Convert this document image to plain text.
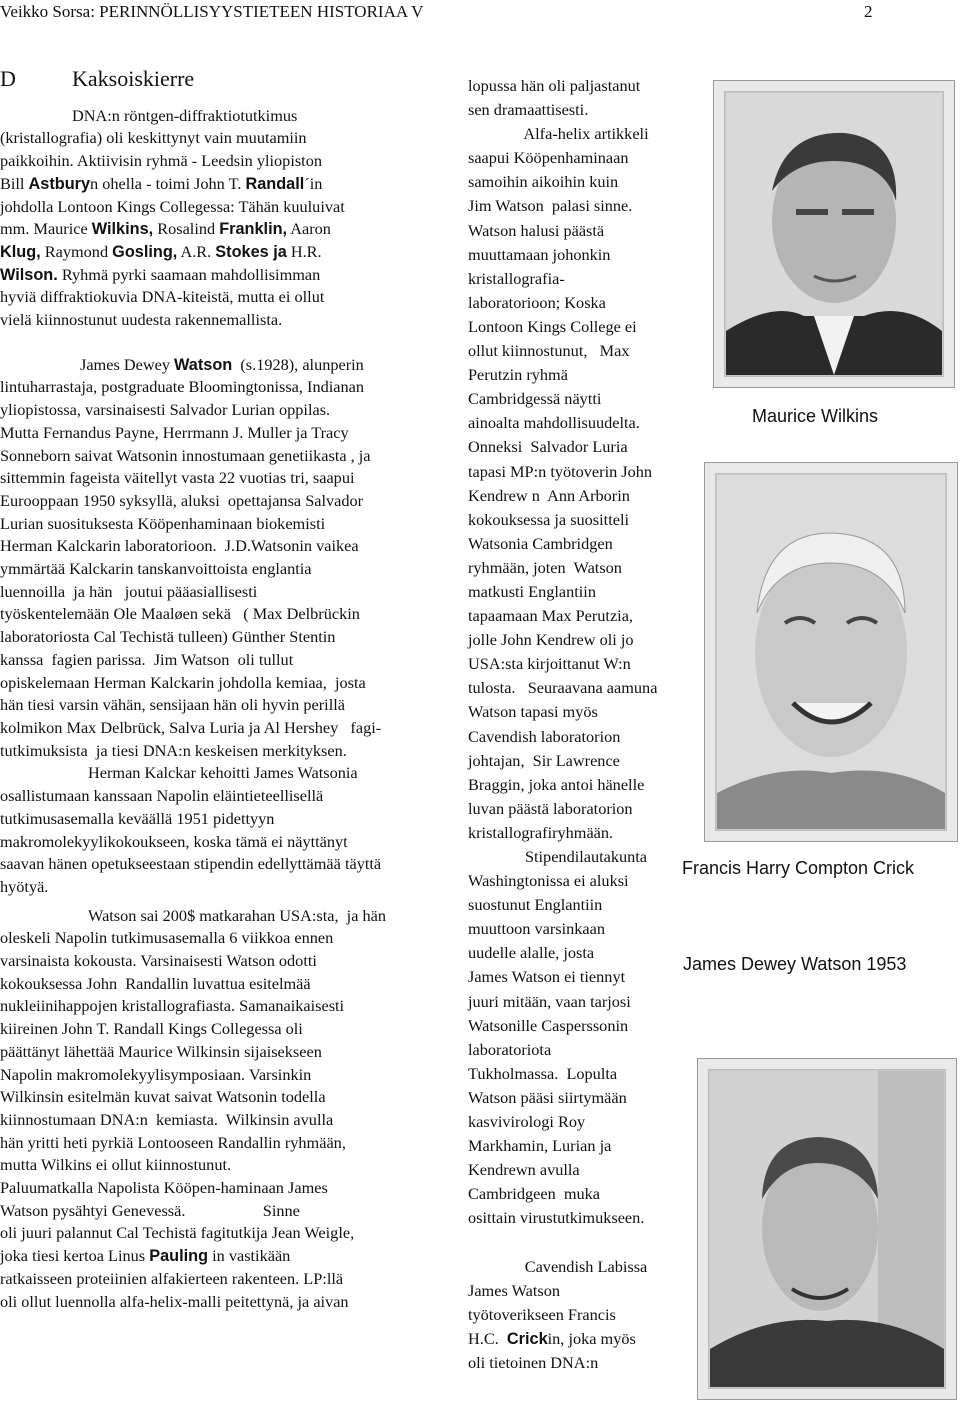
Veikko Sorsa: PERINNÖLLISYYSTIETEEN HISTORIAA V	2
D	Kaksoiskierre

DNA:n röntgen-diffraktiotutkimus
(kristallografia) oli keskittynyt vain muutamiin
paikkoihin. Aktiivisin ryhmä - Leedsin yliopiston
Bill Astburyn ohella - toimi John T. Randall´in
johdolla Lontoon Kings Collegessa: Tähän kuuluivat
mm. Maurice Wilkins, Rosalind Franklin, Aaron
Klug, Raymond Gosling, A.R. Stokes ja H.R.
Wilson. Ryhmä pyrki saamaan mahdollisimman
hyviä diffraktiokuvia DNA-kiteistä, mutta ei ollut
vielä kiinnostunut uudesta rakennemallista.

James Dewey Watson  (s.1928), alunperin
lintuharrastaja, postgraduate Bloomingtonissa, Indianan
yliopistossa, varsinaisesti Salvador Lurian oppilas.
Mutta Fernandus Payne, Herrmann J. Muller ja Tracy
Sonneborn saivat Watsonin innostumaan genetiikasta , ja
sittemmin fageista väitellyt vasta 22 vuotias tri, saapui
Eurooppaan 1950 syksyllä, aluksi  opettajansa Salvador
Lurian suosituksesta Kööpenhaminaan biokemisti
Herman Kalckarin laboratorioon.  J.D.Watsonin vaikea
ymmärtää Kalckarin tanskanvoittoista englantia
luennoilla  ja hän   joutui pääasiallisesti
työskentelemään Ole Maaløen sekä   ( Max Delbrückin
laboratoriosta Cal Techistä tulleen) Günther Stentin
kanssa  fagien parissa.  Jim Watson  oli tullut
opiskelemaan Herman Kalckarin johdolla kemiaa,  josta
hän tiesi varsin vähän, sensijaan hän oli hyvin perillä
kolmikon Max Delbrück, Salva Luria ja Al Hershey   fagi-
tutkimuksista  ja tiesi DNA:n keskeisen merkityksen.

Herman Kalckar kehoitti James Watsonia
osallistumaan kanssaan Napolin eläintieteellisellä
tutkimusasemalla keväällä 1951 pidettyyn
makromolekyylikokoukseen, koska tämä ei näyttänyt
saavan hänen opetukseestaan stipendin edellyttämää täyttä
hyötyä.

Watson sai 200$ matkarahan USA:sta,  ja hän
oleskeli Napolin tutkimusasemalla 6 viikkoa ennen
varsinaista kokousta. Varsinaisesti Watson odotti
kokouksessa John  Randallin luvattua esitelmää
nukleiinihappojen kristallografiasta. Samanaikaisesti
kiireinen John T. Randall Kings Collegessa oli
päättänyt lähettää Maurice Wilkinsin sijaisekseen
Napolin makromolekyylisymposiaan. Varsinkin
Wilkinsin esitelmän kuvat saivat Watsonin todella
kiinnostumaan DNA:n  kemiasta.  Wilkinsin avulla
hän yritti heti pyrkiä Lontooseen Randallin ryhmään,
mutta Wilkins ei ollut kiinnostunut.
Paluumatkalla Napolista Kööpen-haminaan James
Watson pysähtyi Genevessä.                   Sinne
oli juuri palannut Cal Techistä fagitutkija Jean Weigle,
joka tiesi kertoa Linus Pauling in vastikään
ratkaisseen proteiinien alfakierteen rakenteen. LP:llä
oli ollut luennolla alfa-helix-malli peitettynä, ja aivan

lopussa hän oli paljastanut
sen dramaattisesti.
Alfa-helix artikkeli
saapui Kööpenhaminaan
samoihin aikoihin kuin
Jim Watson  palasi sinne.
Watson halusi päästä
muuttamaan johonkin
kristallografia-
laboratorioon; Koska
Lontoon Kings College ei
ollut kiinnostunut,   Max
Perutzin ryhmä
Cambridgessä näytti
ainoalta mahdollisuudelta.
Onneksi  Salvador Luria
tapasi MP:n työtoverin John
Kendrew n  Ann Arborin
kokouksessa ja suositteli
Watsonia Cambridgen
ryhmään, joten  Watson
matkusti Englantiin
tapaamaan Max Perutzia,
jolle John Kendrew oli jo
USA:sta kirjoittanut W:n
tulosta.   Seuraavana aamuna
Watson tapasi myös
Cavendish laboratorion
johtajan,  Sir Lawrence
Braggin, joka antoi hänelle
luvan päästä laboratorion
kristallografiryhmään.
Stipendilautakunta
Washingtonissa ei aluksi
suostunut Englantiin
muuttoon varsinkaan
uudelle alalle, josta
James Watson ei tiennyt
juuri mitään, vaan tarjosi
Watsonille Casperssonin
laboratoriota
Tukholmassa.  Lopulta
Watson pääsi siirtymään
kasvivirologi Roy
Markhamin, Lurian ja
Kendrewn avulla
Cambridgeen  muka
osittain virustutkimukseen.

Cavendish Labissa
James Watson
työtoverikseen Francis
H.C.  Crickin, joka myös
oli tietoinen DNA:n

Maurice Wilkins
Francis Harry Compton Crick
James Dewey Watson 1953
